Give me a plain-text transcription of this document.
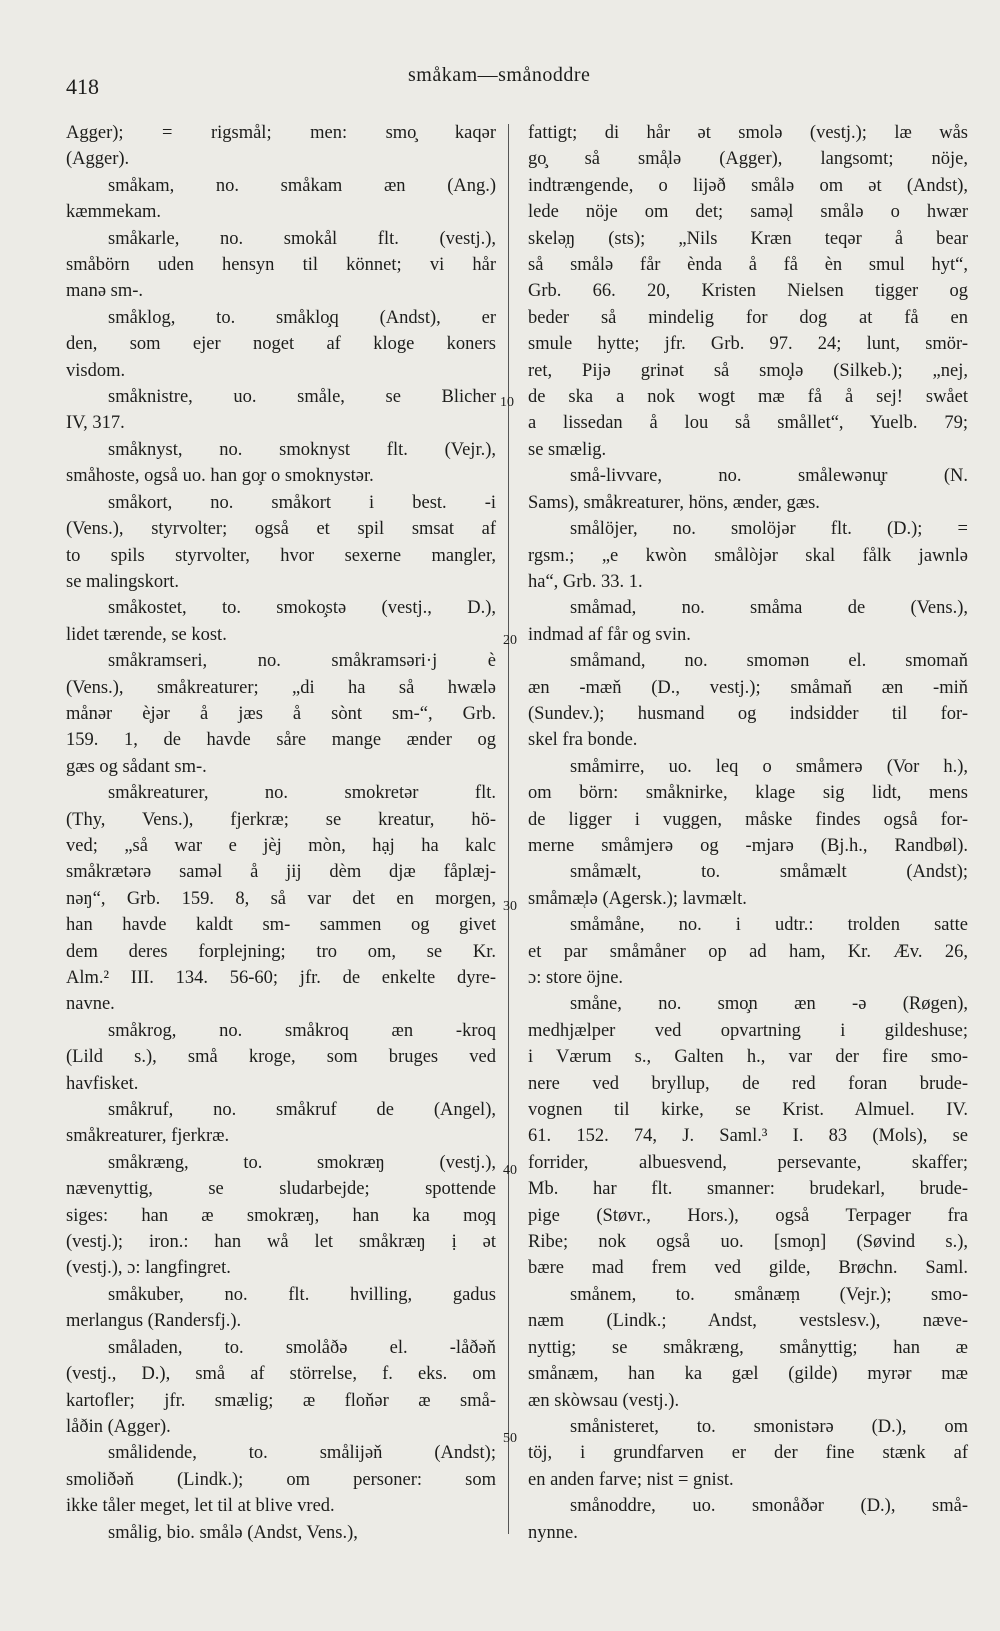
418	småkam—smånoddre
Agger); = rigsmål; men: smo̧ kaqər
(Agger).
småkam, no. småkam æn (Ang.)
kæmmekam.
småkarle, no. smokål flt. (vestj.),
småbörn uden hensyn til könnet; vi hår
manə sm-.
småklog, to. småklo̧q (Andst), er
den, som ejer noget af kloge koners
visdom.
småknistre, uo. småle, se Blicher
IV, 317.
småknyst, no. smoknyst flt. (Vejr.),
småhoste, også uo. han go̧r o smoknystər.
småkort, no. småkort i best. -i
(Vens.), styrvolter; også et spil smsat af
to spils styrvolter, hvor sexerne mangler,
se malingskort.
småkostet, to. smoko̧stə (vestj., D.),
lidet tærende, se kost.
småkramseri, no. småkramsəri·j è
(Vens.), småkreaturer; „di ha så hwælə
månər è̜jər å jæs å sònt sm-“, Grb.
159. 1, de havde såre mange ænder og
gæs og sådant sm-.
småkreaturer, no. smokretər flt.
(Thy, Vens.), fjerkræ; se kreatur, hö-
ved; „så war e jè̜j mòn, hạj ha kalc
småkrætərə saməl å jij dèm djæ fåplæj-
nəŋ“, Grb. 159. 8, så var det en morgen,
han havde kaldt sm- sammen og givet
dem deres forplejning; tro om, se Kr.
Alm.² III. 134. 56-60; jfr. de enkelte dyre-
navne.
småkrog, no. småkroq æn -kroq
(Lild s.), små kroge, som bruges ved
havfisket.
småkruf, no. småkruf de (Angel),
småkreaturer, fjerkræ.
småkræng, to. smokræŋ (vestj.),
nævenyttig, se sludarbejde; spottende
siges: han æ smokræŋ, han ka mo̧q
(vestj.); iron.: han wå let småkræŋ ị ət
(vestj.), ɔ: langfingret.
småkuber, no. flt. hvilling, gadus
merlangus (Randersfj.).
småladen, to. smolåðə el. -låðəň
(vestj., D.), små af störrelse, f. eks. om
kartofler; jfr. smælig; æ floňər æ små-
låðin (Agger).
smålidende, to. smålijəň (Andst);
smoliðəň (Lindk.); om personer: som
ikke tåler meget, let til at blive vred.
smålig, bio. smålə (Andst, Vens.),
fattigt; di hår ət smolə (vestj.); læ wås
go̧ så små̜lə (Agger), langsomt; nöje,
indtrængende, o lijəð smålə om ət (Andst),
lede nöje om det; samə̜l smålə o hwær
skelə̜ŋ (sts); „Nils Kræn teqər å bear
så smålə får ènda å få èn smul hyt“,
Grb. 66. 20, Kristen Nielsen tigger og
beder så mindelig for dog at få en
smule hytte; jfr. Grb. 97. 24; lunt, smör-
ret, Pijə grinət så smo̧lə (Silkeb.); „nej,
de ska a nok wogt mæ få å sej! swået
a lissedan å lou så smållet“, Yuelb. 79;
se smælig.
små-livvare, no. smålewənu̧r (N.
Sams), småkreaturer, höns, ænder, gæs.
smålöjer, no. smolöjər flt. (D.); =
rgsm.; „e kwòn smålòjər skal fålk jawnlə
ha“, Grb. 33. 1.
småmad, no. småma de (Vens.),
indmad af får og svin.
småmand, no. smomən el. smomaň
æn -mæň (D., vestj.); småmaň æn -miň
(Sundev.); husmand og indsidder til for-
skel fra bonde.
småmirre, uo. leq o småmerə (Vor h.),
om börn: småknirke, klage sig lidt, mens
de ligger i vuggen, måske findes også for-
merne småmjerə og -mjarə (Bj.h., Randbøl).
småmælt, to. småmælt (Andst);
småmæ̜lə (Agersk.); lavmælt.
småmåne, no. i udtr.: trolden satte
et par småmåner op ad ham, Kr. Æv. 26,
ɔ: store öjne.
småne, no. smo̧n æn -ə (Røgen),
medhjælper ved opvartning i gildeshuse;
i Værum s., Galten h., var der fire smo-
nere ved bryllup, de red foran brude-
vognen til kirke, se Krist. Almuel. IV.
61. 152. 74, J. Saml.³ I. 83 (Mols), se
forrider, albuesvend, persevante, skaffer;
Mb. har flt. smanner: brudekarl, brude-
pige (Støvr., Hors.), også Terpager fra
Ribe; nok også uo. [smo̧n] (Søvind s.),
bære mad frem ved gilde, Brøchn. Saml.
smånem, to. smånæṃ (Vejr.); smo-
næm (Lindk.; Andst, vestslesv.), næve-
nyttig; se småkræng, smånyttig; han æ
smånæm, han ka gæl (gilde) myrər mæ
æn skòwsau (vestj.).
smånisteret, to. smonistərə (D.), om
töj, i grundfarven er der fine stænk af
en anden farve; nist = gnist.
smånoddre, uo. smonåðər (D.), små-
nynne.
10
20
30
40
50
